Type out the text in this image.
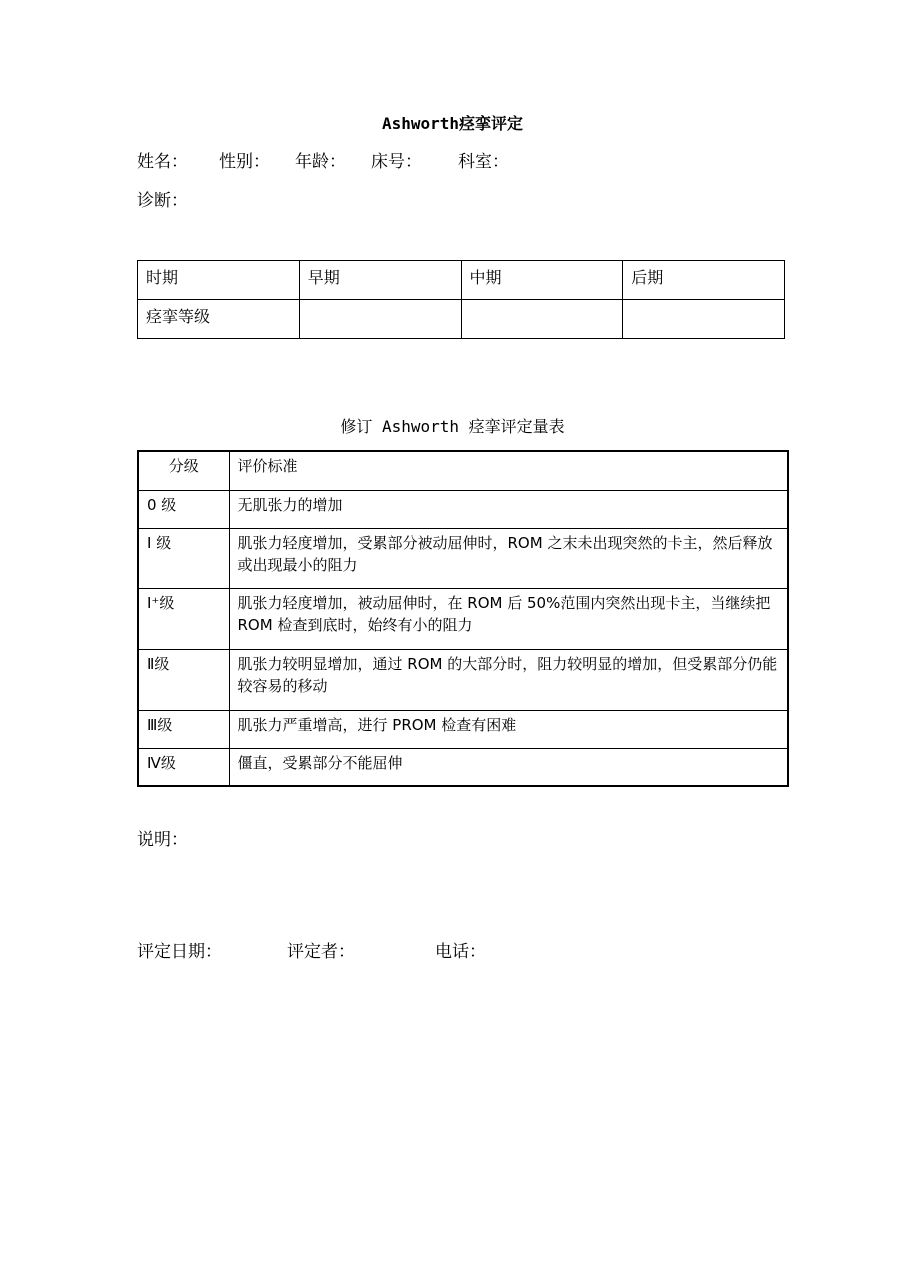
Ashworth痉挛评定
姓名： 性别： 年龄： 床号： 科室：
诊断：
时期	早期	中期	后期
痉挛等级			
修订 Ashworth 痉挛评定量表
分级	评价标准
0 级	无肌张力的增加
I 级	肌张力轻度增加，受累部分被动屈伸时，ROM 之末未出现突然的卡主，然后释放或出现最小的阻力
I⁺级	肌张力轻度增加，被动屈伸时，在 ROM 后 50%范围内突然出现卡主，当继续把 ROM 检查到底时，始终有小的阻力
Ⅱ级	肌张力较明显增加，通过 ROM 的大部分时，阻力较明显的增加，但受累部分仍能较容易的移动
Ⅲ级	肌张力严重增高，进行 PROM 检查有困难
Ⅳ级	僵直，受累部分不能屈伸
说明：
评定日期：	评定者：	电话：
